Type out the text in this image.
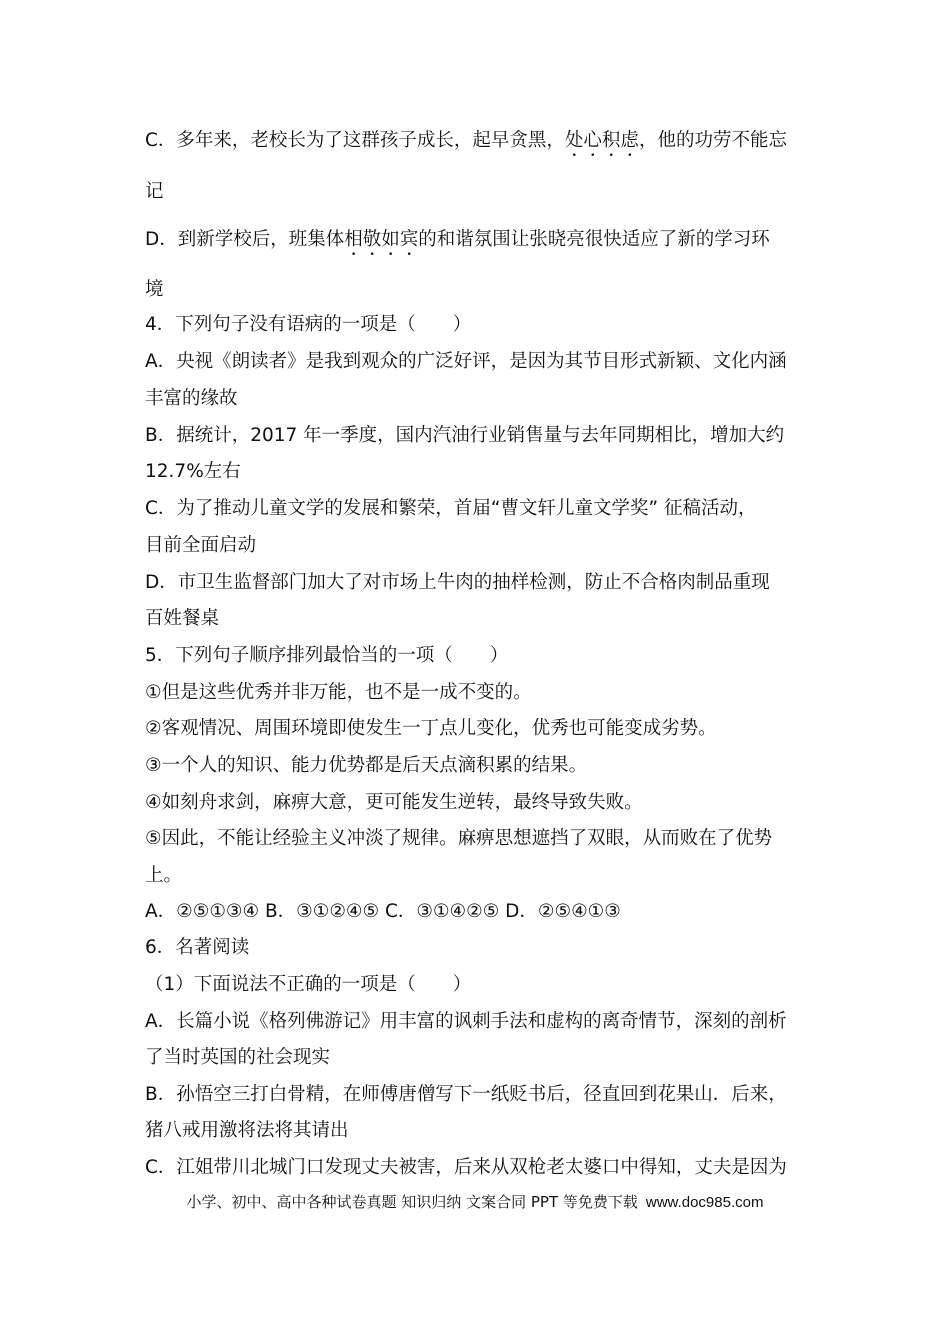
C．多年来，老校长为了这群孩子成长，起早贪黑，处心积虑，他的功劳不能忘
记
D．到新学校后，班集体相敬如宾的和谐氛围让张晓亮很快适应了新的学习环
境
4．下列句子没有语病的一项是（　　）
A．央视《朗读者》是我到观众的广泛好评，是因为其节目形式新颖、文化内涵
丰富的缘故
B．据统计，2017 年一季度，国内汽油行业销售量与去年同期相比，增加大约
12.7%左右
C．为了推动儿童文学的发展和繁荣，首届“曹文轩儿童文学奖” 征稿活动，
目前全面启动
D．市卫生监督部门加大了对市场上牛肉的抽样检测，防止不合格肉制品重现
百姓餐桌
5．下列句子顺序排列最恰当的一项（　　）
①但是这些优秀并非万能，也不是一成不变的。
②客观情况、周围环境即使发生一丁点儿变化，优秀也可能变成劣势。
③一个人的知识、能力优势都是后天点滴积累的结果。
④如刻舟求剑，麻痹大意，更可能发生逆转，最终导致失败。
⑤因此，不能让经验主义冲淡了规律。麻痹思想遮挡了双眼，从而败在了优势
上。
A．②⑤①③④ B．③①②④⑤ C．③①④②⑤ D．②⑤④①③
6．名著阅读
（1）下面说法不正确的一项是（　　）
A．长篇小说《格列佛游记》用丰富的讽刺手法和虚构的离奇情节，深刻的剖析
了当时英国的社会现实
B．孙悟空三打白骨精，在师傅唐僧写下一纸贬书后，径直回到花果山．后来，
猪八戒用激将法将其请出
C．江姐带川北城门口发现丈夫被害，后来从双枪老太婆口中得知，丈夫是因为
小学、初中、高中各种试卷真题 知识归纳 文案合同 PPT 等免费下载 www.doc985.com
